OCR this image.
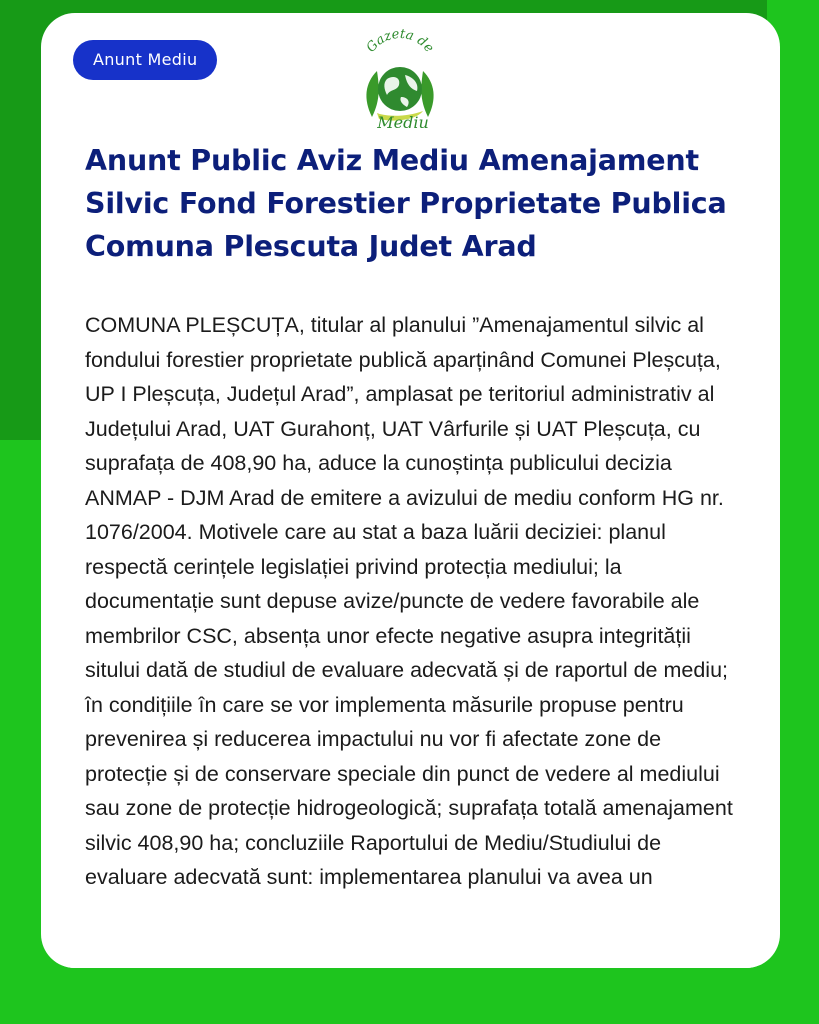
Anunt Mediu
Gazeta de
Mediu
Anunt Public Aviz Mediu Amenajament Silvic Fond Forestier Proprietate Publica Comuna Plescuta Judet Arad

COMUNA PLEȘCUȚA, titular al planului ”Amenajamentul silvic al fondului forestier proprietate publică aparținând Comunei Pleșcuța, UP I Pleșcuța, Județul Arad”, amplasat pe teritoriul administrativ al Județului Arad, UAT Gurahonț, UAT Vârfurile și UAT Pleșcuța, cu suprafața de 408,90 ha, aduce la cunoștința publicului decizia ANMAP - DJM Arad de emitere a avizului de mediu conform HG nr. 1076/2004. Motivele care au stat a baza luării deciziei: planul respectă cerințele legislației privind protecția mediului; la documentație sunt depuse avize/puncte de vedere favorabile ale membrilor CSC, absența unor efecte negative asupra integrității sitului dată de studiul de evaluare adecvată și de raportul de mediu; în condițiile în care se vor implementa măsurile propuse pentru prevenirea și reducerea impactului nu vor fi afectate zone de protecție și de conservare speciale din punct de vedere al mediului sau zone de protecție hidrogeologică; suprafața totală amenajament silvic 408,90 ha; concluziile Raportului de Mediu/Studiului de evaluare adecvată sunt: implementarea planului va avea un
